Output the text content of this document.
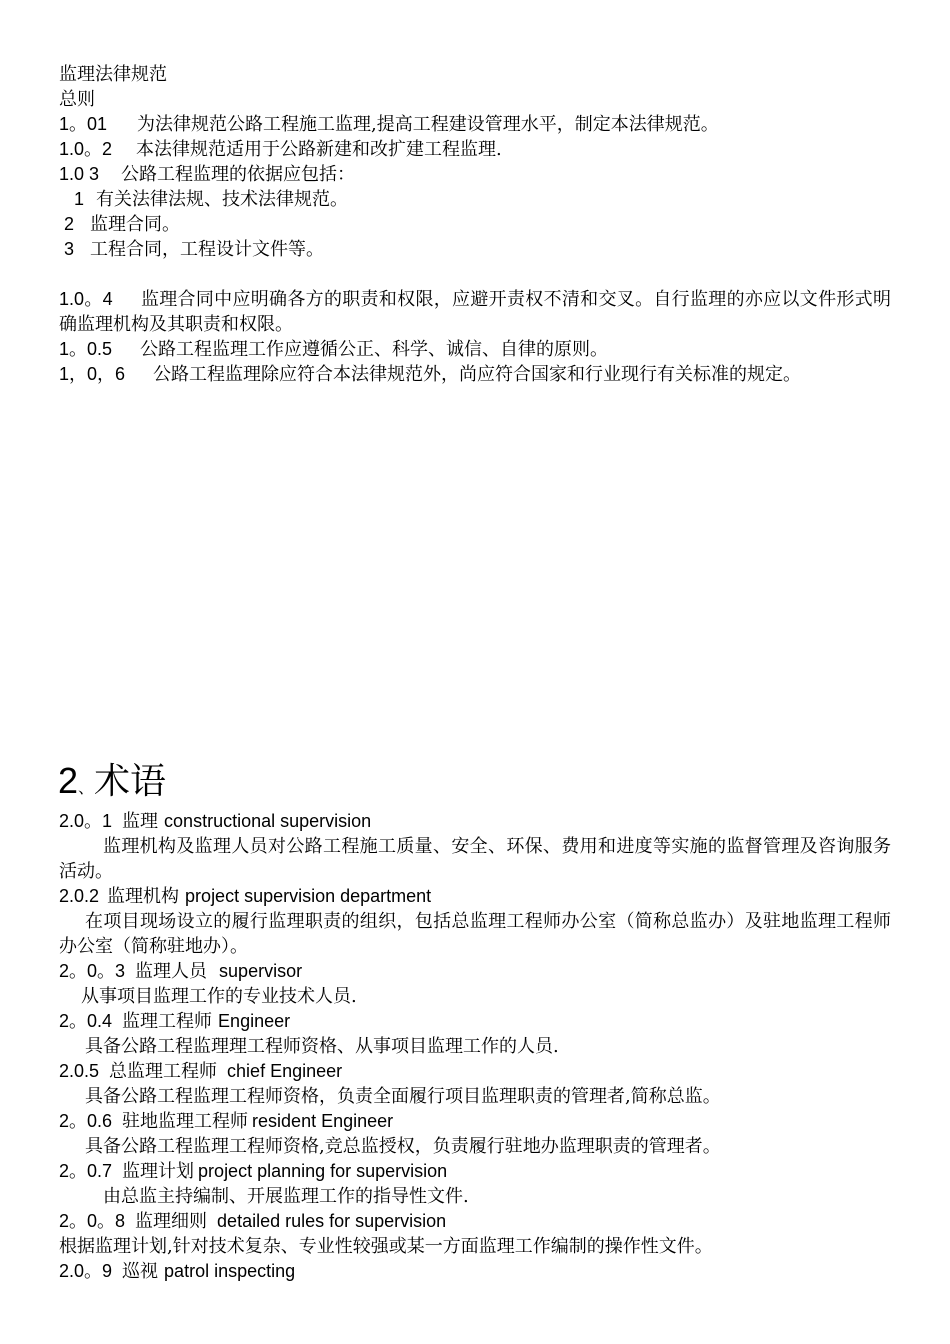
监理法律规范
总则
1。01 为法律规范公路工程施工监理,提高工程建设管理水平，制定本法律规范。
1.0。2 本法律规范适用于公路新建和改扩建工程监理.
1.0 3 公路工程监理的依据应包括：
1 有关法律法规、技术法律规范。
2 监理合同。
3 工程合同，工程设计文件等。
1.0。4 监理合同中应明确各方的职责和权限，应避开责权不清和交叉。自行监理的亦应以文件形式明确监理机构及其职责和权限。
1。0.5 公路工程监理工作应遵循公正、科学、诚信、自律的原则。
1，0，6 公路工程监理除应符合本法律规范外，尚应符合国家和行业现行有关标准的规定。
2、术语
2.0。1 监理 constructional supervision
监理机构及监理人员对公路工程施工质量、安全、环保、费用和进度等实施的监督管理及咨询服务活动。
2.0.2 监理机构 project supervision department
在项目现场设立的履行监理职责的组织，包括总监理工程师办公室（简称总监办）及驻地监理工程师办公室（简称驻地办）。
2。0。3 监理人员 supervisor
从事项目监理工作的专业技术人员.
2。0.4 监理工程师 Engineer
具备公路工程监理理工程师资格、从事项目监理工作的人员.
2.0.5 总监理工程师 chief Engineer
具备公路工程监理工程师资格，负责全面履行项目监理职责的管理者,简称总监。
2。0.6 驻地监理工程师 resident Engineer
具备公路工程监理工程师资格,竞总监授权，负责履行驻地办监理职责的管理者。
2。0.7 监理计划 project planning for supervision
由总监主持编制、开展监理工作的指导性文件.
2。0。8 监理细则 detailed rules for supervision
根据监理计划,针对技术复杂、专业性较强或某一方面监理工作编制的操作性文件。
2.0。9 巡视 patrol inspecting
